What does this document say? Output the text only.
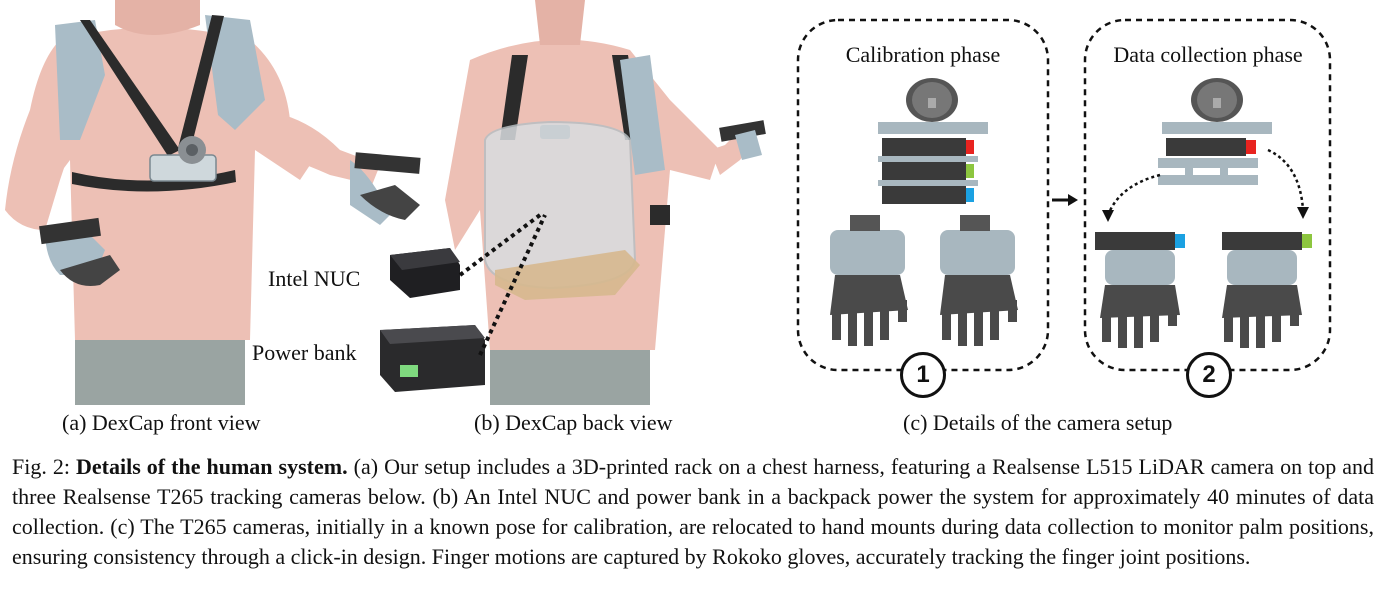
Intel NUC
Power bank
Calibration phase	Data collection phase
1	2
(a) DexCap front view	(b) DexCap back view	(c) Details of the camera setup
Fig. 2: Details of the human system. (a) Our setup includes a 3D-printed rack on a chest harness, featuring a Realsense L515 LiDAR camera on top and three Realsense T265 tracking cameras below. (b) An Intel NUC and power bank in a backpack power the system for approximately 40 minutes of data collection. (c) The T265 cameras, initially in a known pose for calibration, are relocated to hand mounts during data collection to monitor palm positions, ensuring consistency through a click-in design. Finger motions are captured by Rokoko gloves, accurately tracking the finger joint positions.
